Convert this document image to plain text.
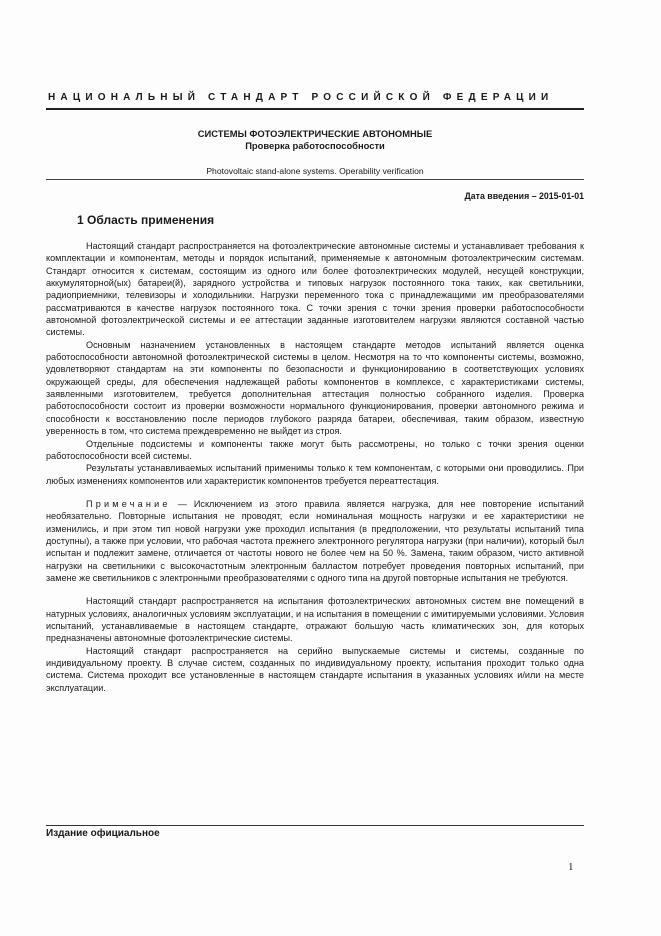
НАЦИОНАЛЬНЫЙ СТАНДАРТ РОССИЙСКОЙ ФЕДЕРАЦИИ
СИСТЕМЫ ФОТОЭЛЕКТРИЧЕСКИЕ АВТОНОМНЫЕ
Проверка работоспособности
Photovoltaic stand-alone systems. Operability verification
Дата введения – 2015-01-01
1 Область применения

Настоящий стандарт распространяется на фотоэлектрические автономные системы и устанавливает требования к комплектации и компонентам, методы и порядок испытаний, применяемые к автономным фотоэлектрическим системам. Стандарт относится к системам, состоящим из одного или более фотоэлектрических модулей, несущей конструкции, аккумуляторной(ых) батареи(й), зарядного устройства и типовых нагрузок постоянного тока таких, как светильники, радиоприемники, телевизоры и холодильники. Нагрузки переменного тока с принадлежащими им преобразователями рассматриваются в качестве нагрузок постоянного тока. С точки зрения с точки зрения проверки работоспособности автономной фотоэлектрической системы и ее аттестации заданные изготовителем нагрузки являются составной частью системы.

Основным назначением установленных в настоящем стандарте методов испытаний является оценка работоспособности автономной фотоэлектрической системы в целом. Несмотря на то что компоненты системы, возможно, удовлетворяют стандартам на эти компоненты по безопасности и функционированию в соответствующих условиях окружающей среды, для обеспечения надлежащей работы компонентов в комплексе, с характеристиками системы, заявленными изготовителем, требуется дополнительная аттестация полностью собранного изделия. Проверка работоспособности состоит из проверки возможности нормального функционирования, проверки автономного режима и способности к восстановлению после периодов глубокого разряда батареи, обеспечивая, таким образом, известную уверенность в том, что система преждевременно не выйдет из строя.

Отдельные подсистемы и компоненты также могут быть рассмотрены, но только с точки зрения оценки работоспособности всей системы.

Результаты устанавливаемых испытаний применимы только к тем компонентам, с которыми они проводились. При любых изменениях компонентов или характеристик компонентов требуется переаттестация.

Примечание — Исключением из этого правила является нагрузка, для нее повторение испытаний необязательно. Повторные испытания не проводят, если номинальная мощность нагрузки и ее характеристики не изменились, и при этом тип новой нагрузки уже проходил испытания (в предположении, что результаты испытаний типа доступны), а также при условии, что рабочая частота прежнего электронного регулятора нагрузки (при наличии), который был испытан и подлежит замене, отличается от частоты нового не более чем на 50 %. Замена, таким образом, чисто активной нагрузки на светильники с высокочастотным электронным балластом потребует проведения повторных испытаний, при замене же светильников с электронными преобразователями с одного типа на другой повторные испытания не требуются.

Настоящий стандарт распространяется на испытания фотоэлектрических автономных систем вне помещений в натурных условиях, аналогичных условиям эксплуатации, и на испытания в помещении с имитируемыми условиями. Условия испытаний, устанавливаемые в настоящем стандарте, отражают большую часть климатических зон, для которых предназначены автономные фотоэлектрические системы.

Настоящий стандарт распространяется на серийно выпускаемые системы и системы, созданные по индивидуальному проекту. В случае систем, созданных по индивидуальному проекту, испытания проходит только одна система. Система проходит все установленные в настоящем стандарте испытания в указанных условиях и/или на месте эксплуатации.

Издание официальное
1
